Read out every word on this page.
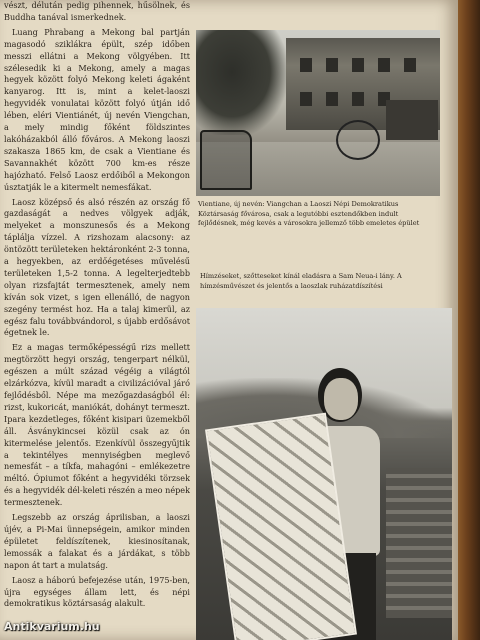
vészt, délután pedig pihennek, hűsölnek, és Buddha tanával ismerkednek.

Luang Phrabang a Mekong bal partján magasodó sziklákra épült, szép időben messzi ellátni a Mekong völgyében. Itt szélesedik ki a Mekong, amely a magas hegyek között folyó Mekong keleti ágaként kanyarog. Itt is, mint a kelet-laoszi hegyvidék vonulatai között folyó útján idő lében, eléri Vientiánét, új nevén Viengchan, a mely mindig főként földszintes lakóházakból álló főváros. A Mekong laoszi szakasza 1865 km, de csak a Vientiane és Savannakhét között 700 km-es része hajózható. Felső Laosz erdőiből a Mekongon úsztatják le a kitermelt nemesfákat.

Laosz középső és alsó részén az ország fő gazdaságát a nedves völgyek adják, melyeket a monszunesős és a Mekong táplálja vízzel. A rizshozam alacsony: az öntözött területeken hektáronként 2-3 tonna, a hegyekben, az erdőégetéses művelésű területeken 1,5-2 tonna. A legelterjedtebb olyan rizsfajtát termesztenek, amely nem kíván sok vizet, s igen ellenálló, de nagyon szegény termést hoz. Ha a talaj kimerül, az egész falu továbbvándorol, s újabb erdősávot égetnek le.

Ez a magas termőképességű rizs mellett megtörzött hegyi ország, tengerpart nélkül, egészen a múlt század végéig a világtól elzárkózva, kívül maradt a civilizációval járó fejlődésből. Népe ma mezőgazdaságból él: rizst, kukoricát, maniókát, dohányt termeszt. Ipara kezdetleges, főként kisipari üzemekből áll. Ásványkincsei közül csak az ón kitermelése jelentős. Ezenkívül összegyűjtik a tekintélyes mennyiségben meglevő nemesfát – a tíkfa, mahagóni – emlékezetre méltó. Ópiumot főként a hegyvidéki törzsek és a hegyvidék dél-keleti részén a meo népek termesztenek.

Legszebb az ország áprilisban, a laoszi újév, a Pi-Mai ünnepségein, amikor minden épületet feldíszítenek, kiesinosítanak, lemossák a falakat és a járdákat, s több napon át tart a mulatság.

Laosz a háború befejezése után, 1975-ben, újra egységes állam lett, és népi demokratikus köztársaság alakult.

Vientiane, új nevén: Viangchan a Laoszi Népi Demokratikus Köztársaság fővárosa, csak a legutóbbi esztendőkben indult fejlődésnek, még kevés a városokra jellemző több emeletes épület

Hímzéseket, szőtteseket kínál eladásra a Sam Neua-i lány. A hímzésművészet és jelentős a laoszlak ruházatdíszítési

Antikvarium.hu
